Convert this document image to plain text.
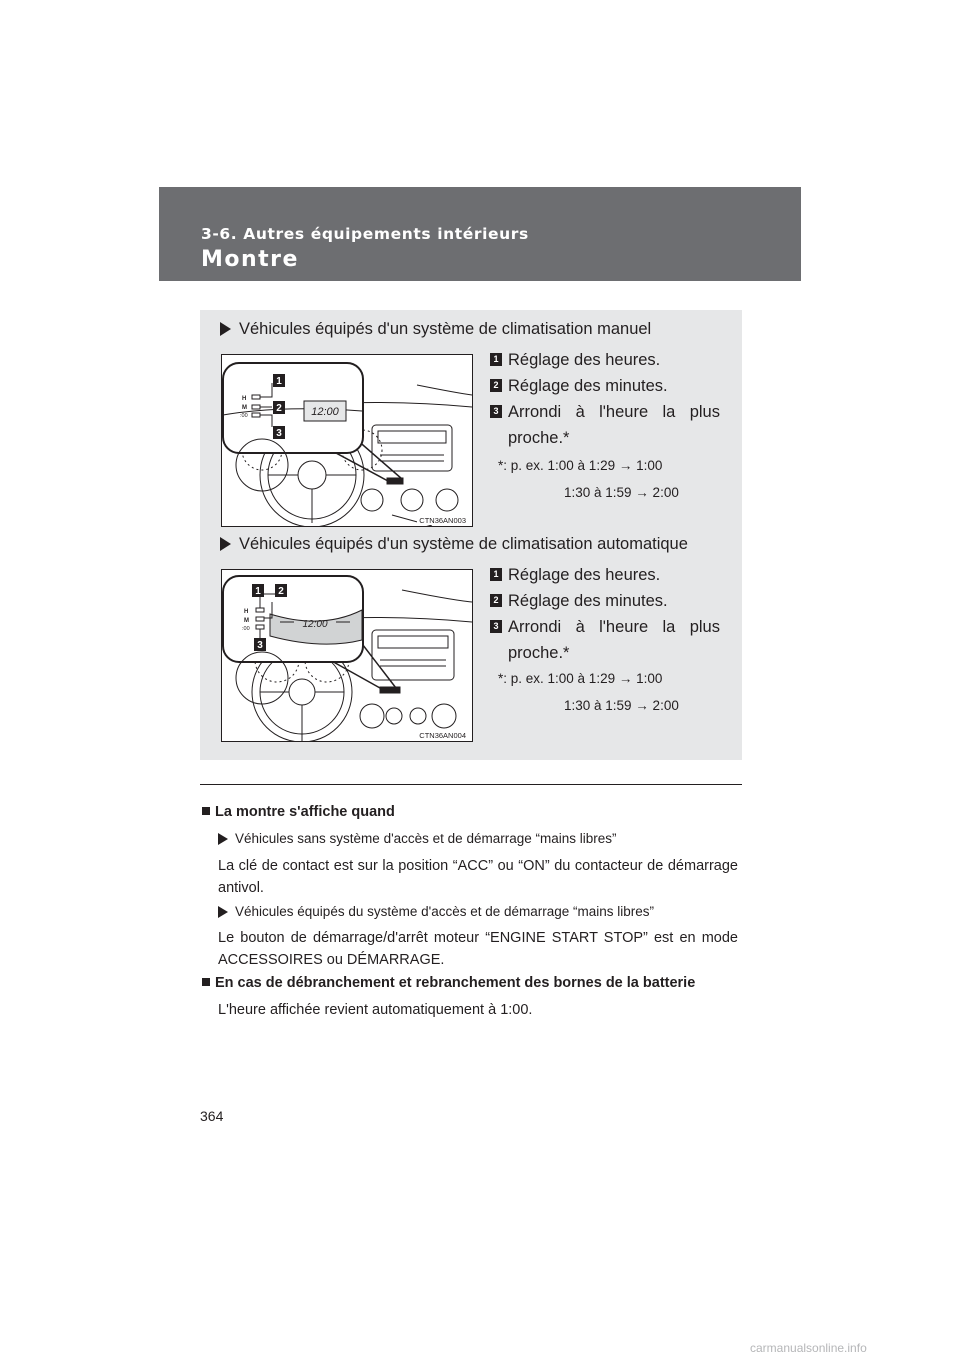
3-6. Autres équipements intérieurs
Montre
Véhicules équipés d'un système de climatisation manuel
12:00
H
M
:00
1
2
3
CTN36AN003
1 Réglage des heures.
2 Réglage des minutes.
3 Arrondi à l'heure la plus
proche.*
*: p. ex. 1:00 à 1:29 → 1:00
1:30 à 1:59 → 2:00
Véhicules équipés d'un système de climatisation automatique
12:00
H
M
:00
1 2
3
CTN36AN004
1 Réglage des heures.
2 Réglage des minutes.
3 Arrondi à l'heure la plus
proche.*
*: p. ex. 1:00 à 1:29 → 1:00
1:30 à 1:59 → 2:00
La montre s'affiche quand
Véhicules sans système d'accès et de démarrage “mains libres”
La clé de contact est sur la position “ACC” ou “ON” du contacteur de démarrage antivol.
Véhicules équipés du système d'accès et de démarrage “mains libres”
Le bouton de démarrage/d'arrêt moteur “ENGINE START STOP” est en mode ACCESSOIRES ou DÉMARRAGE.
En cas de débranchement et rebranchement des bornes de la batterie
L'heure affichée revient automatiquement à 1:00.
364
carmanualsonline.info
